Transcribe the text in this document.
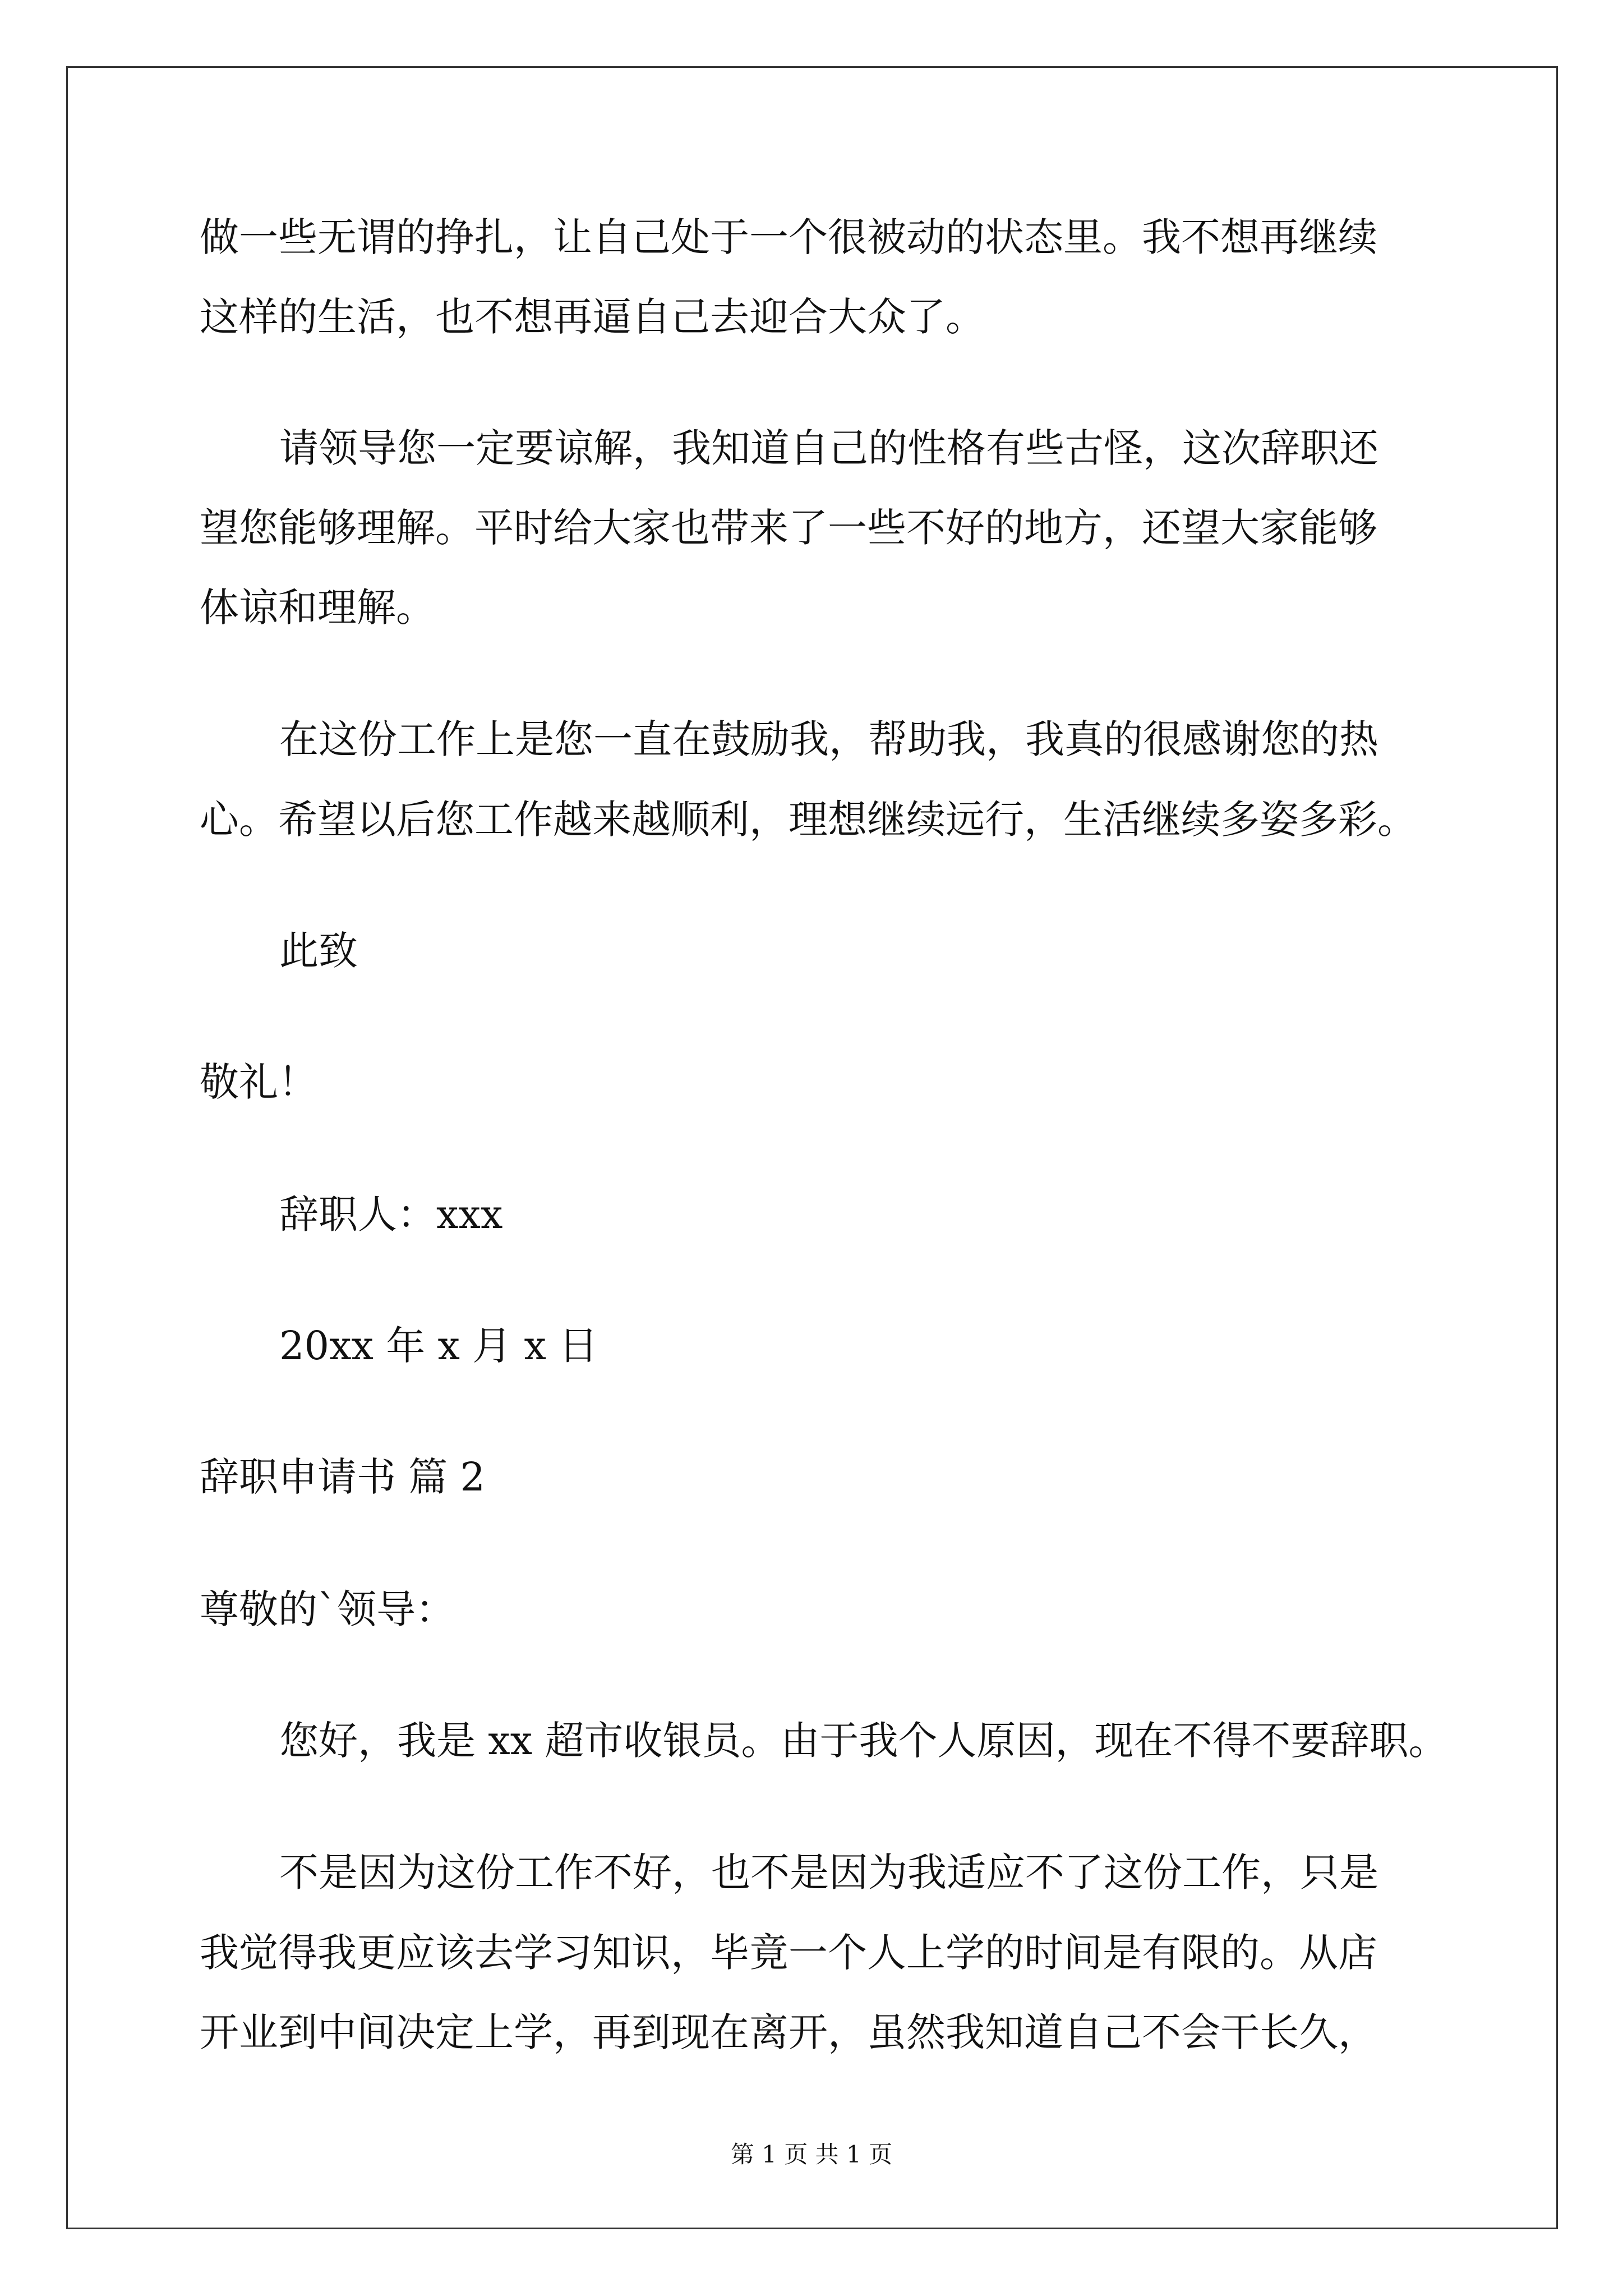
做一些无谓的挣扎，让自己处于一个很被动的状态里。我不想再继续
这样的生活，也不想再逼自己去迎合大众了。
请领导您一定要谅解，我知道自己的性格有些古怪，这次辞职还
望您能够理解。平时给大家也带来了一些不好的地方，还望大家能够
体谅和理解。
在这份工作上是您一直在鼓励我，帮助我，我真的很感谢您的热
心。希望以后您工作越来越顺利，理想继续远行，生活继续多姿多彩。
此致
敬礼！
辞职人：xxx
20xx 年 x 月 x 日
辞职申请书 篇 2
尊敬的`领导：
您好，我是 xx 超市收银员。由于我个人原因，现在不得不要辞职。
不是因为这份工作不好，也不是因为我适应不了这份工作，只是
我觉得我更应该去学习知识，毕竟一个人上学的时间是有限的。从店
开业到中间决定上学，再到现在离开，虽然我知道自己不会干长久，
第 1 页 共 1 页
